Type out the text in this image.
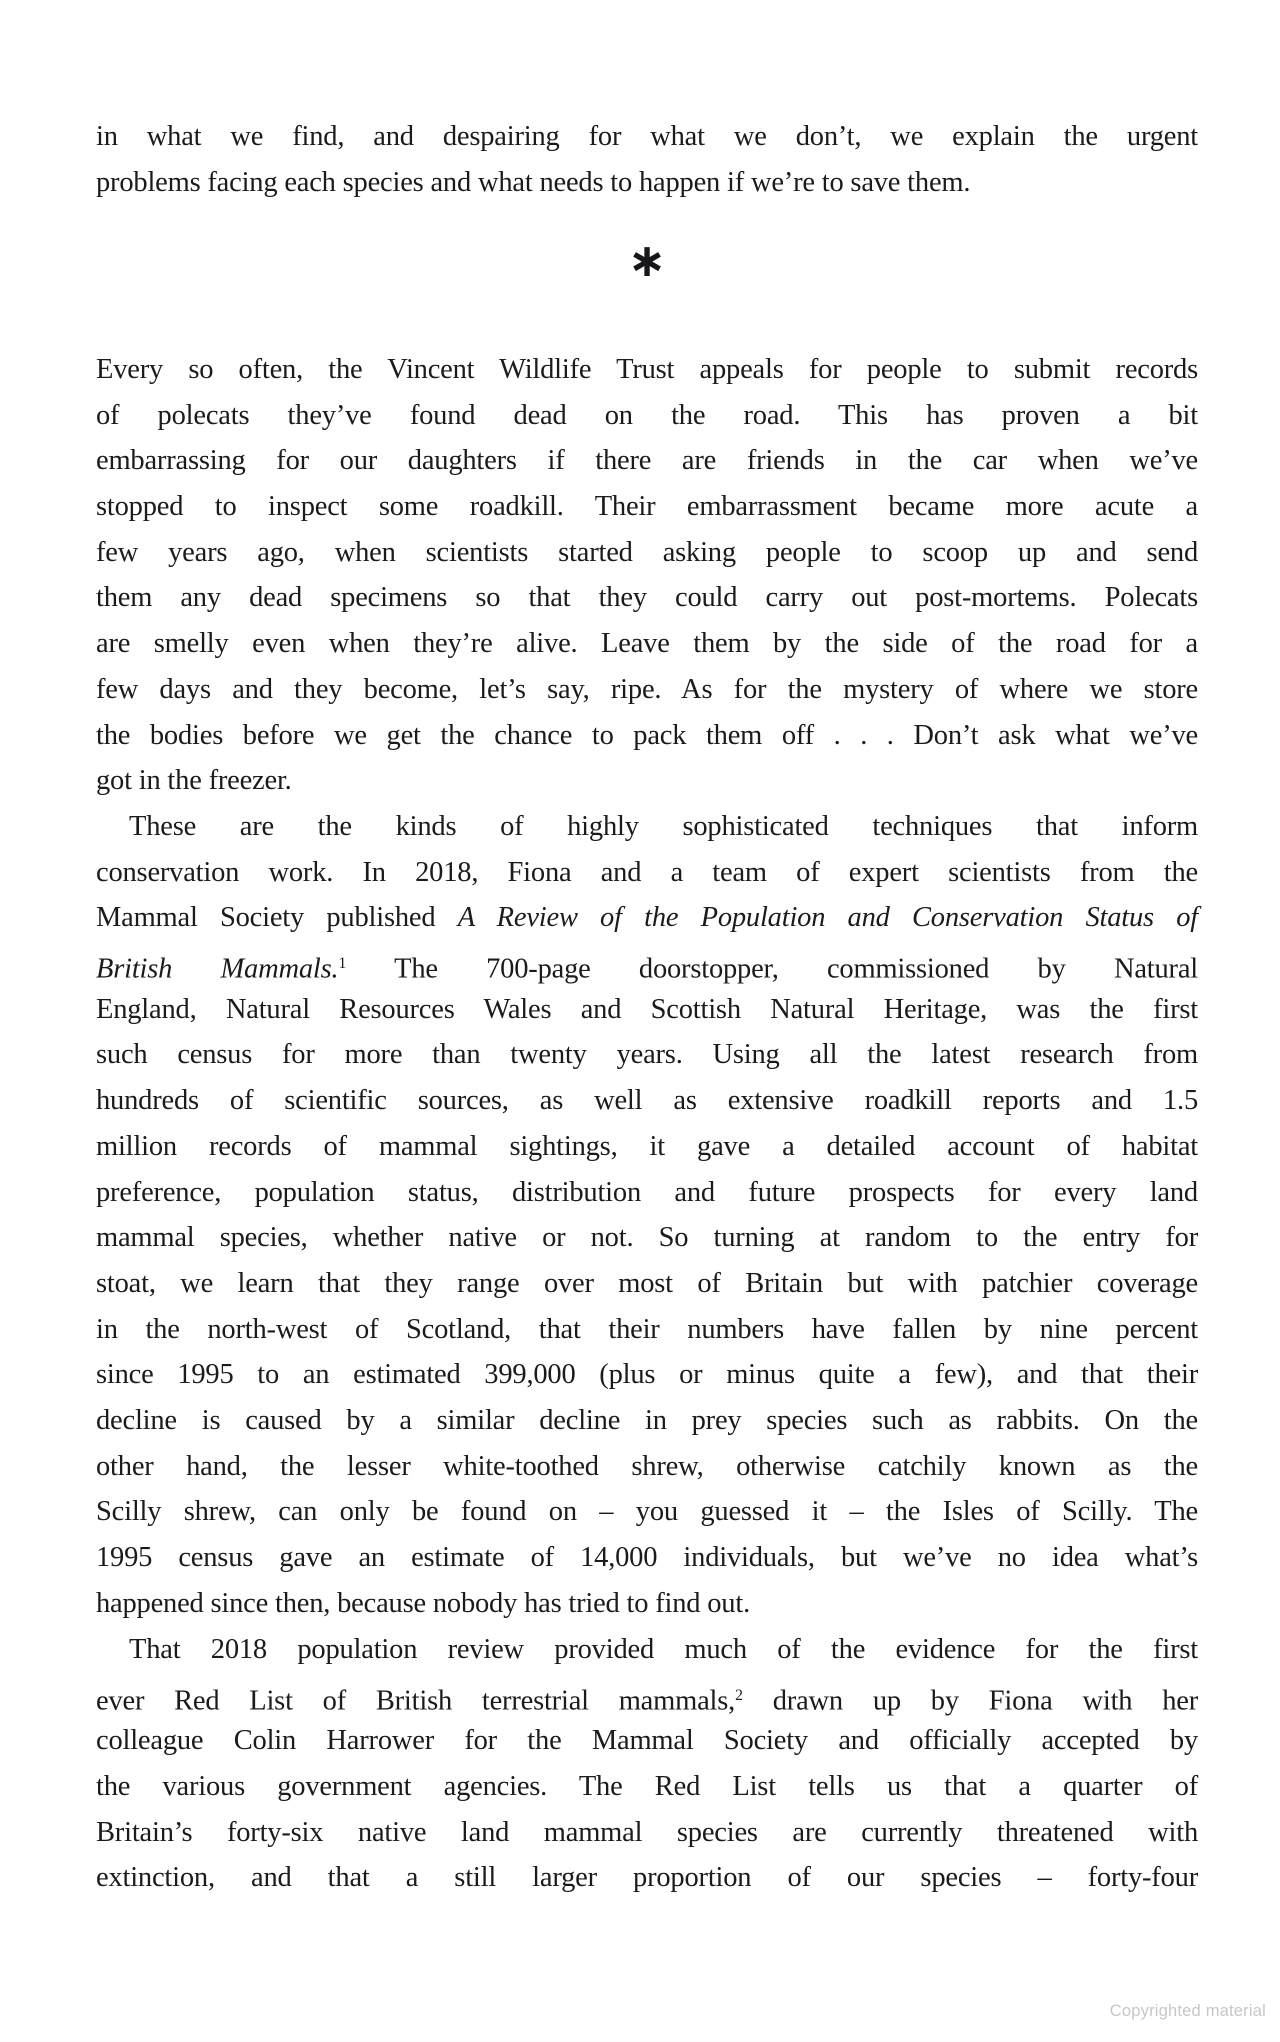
∗
in what we find, and despairing for what we don’t, we explain the urgent
problems facing each species and what needs to happen if we’re to save them.
Every so often, the Vincent Wildlife Trust appeals for people to submit records
of polecats they’ve found dead on the road. This has proven a bit
embarrassing for our daughters if there are friends in the car when we’ve
stopped to inspect some roadkill. Their embarrassment became more acute a
few years ago, when scientists started asking people to scoop up and send
them any dead specimens so that they could carry out post-mortems. Polecats
are smelly even when they’re alive. Leave them by the side of the road for a
few days and they become, let’s say, ripe. As for the mystery of where we store
the bodies before we get the chance to pack them off . . . Don’t ask what we’ve
got in the freezer.
These are the kinds of highly sophisticated techniques that inform
conservation work. In 2018, Fiona and a team of expert scientists from the
Mammal Society published A Review of the Population and Conservation Status of
British Mammals.$^1$ The 700-page doorstopper, commissioned by Natural
England, Natural Resources Wales and Scottish Natural Heritage, was the first
such census for more than twenty years. Using all the latest research from
hundreds of scientific sources, as well as extensive roadkill reports and 1.5
million records of mammal sightings, it gave a detailed account of habitat
preference, population status, distribution and future prospects for every land
mammal species, whether native or not. So turning at random to the entry for
stoat, we learn that they range over most of Britain but with patchier coverage
in the north-west of Scotland, that their numbers have fallen by nine percent
since 1995 to an estimated 399,000 (plus or minus quite a few), and that their
decline is caused by a similar decline in prey species such as rabbits. On the
other hand, the lesser white-toothed shrew, otherwise catchily known as the
Scilly shrew, can only be found on – you guessed it – the Isles of Scilly. The
1995 census gave an estimate of 14,000 individuals, but we’ve no idea what’s
happened since then, because nobody has tried to find out.
That 2018 population review provided much of the evidence for the first
ever Red List of British terrestrial mammals,$^2$ drawn up by Fiona with her
colleague Colin Harrower for the Mammal Society and officially accepted by
the various government agencies. The Red List tells us that a quarter of
Britain’s forty-six native land mammal species are currently threatened with
extinction, and that a still larger proportion of our species – forty-four
Copyrighted material
